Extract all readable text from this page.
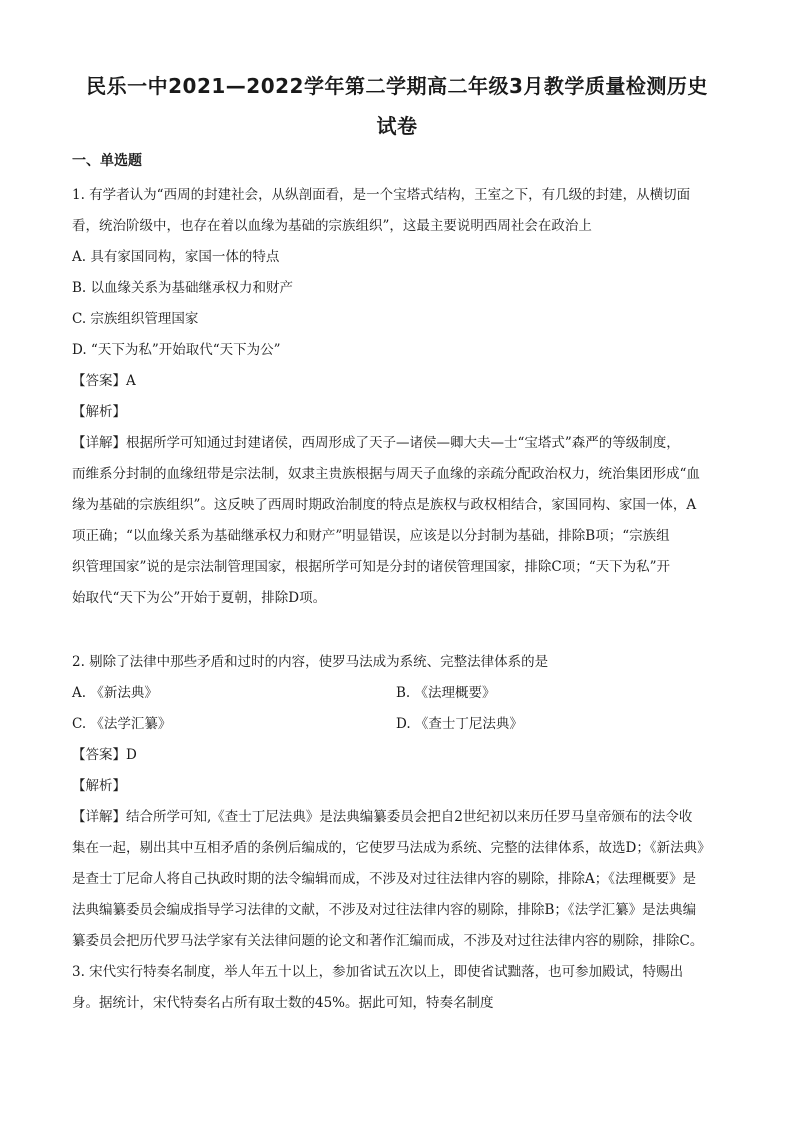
民乐一中2021—2022学年第二学期高二年级3月教学质量检测历史
试卷
一、单选题
1. 有学者认为“西周的封建社会，从纵剖面看，是一个宝塔式结构，王室之下，有几级的封建，从横切面
看，统治阶级中，也存在着以血缘为基础的宗族组织”，这最主要说明西周社会在政治上
A. 具有家国同构，家国一体的特点
B. 以血缘关系为基础继承权力和财产
C. 宗族组织管理国家
D. “天下为私”开始取代“天下为公”
【答案】A
【解析】
【详解】根据所学可知通过封建诸侯，西周形成了天子—诸侯—卿大夫—士“宝塔式”森严的等级制度，
而维系分封制的血缘纽带是宗法制，奴隶主贵族根据与周天子血缘的亲疏分配政治权力，统治集团形成“血
缘为基础的宗族组织”。这反映了西周时期政治制度的特点是族权与政权相结合，家国同构、家国一体，A
项正确；“以血缘关系为基础继承权力和财产”明显错误，应该是以分封制为基础，排除B项；“宗族组
织管理国家”说的是宗法制管理国家，根据所学可知是分封的诸侯管理国家，排除C项；“天下为私”开
始取代“天下为公”开始于夏朝，排除D项。
2. 剔除了法律中那些矛盾和过时的内容，使罗马法成为系统、完整法律体系的是
A. 《新法典》	B. 《法理概要》
C. 《法学汇纂》	D. 《查士丁尼法典》
【答案】D
【解析】
【详解】结合所学可知,《查士丁尼法典》是法典编纂委员会把自2世纪初以来历任罗马皇帝颁布的法令收
集在一起，剔出其中互相矛盾的条例后编成的，它使罗马法成为系统、完整的法律体系，故选D；《新法典》
是查士丁尼命人将自己执政时期的法令编辑而成，不涉及对过往法律内容的剔除，排除A；《法理概要》是
法典编纂委员会编成指导学习法律的文献，不涉及对过往法律内容的剔除，排除B；《法学汇纂》是法典编
纂委员会把历代罗马法学家有关法律问题的论文和著作汇编而成，不涉及对过往法律内容的剔除，排除C。
3. 宋代实行特奏名制度，举人年五十以上，参加省试五次以上，即使省试黜落，也可参加殿试，特赐出
身。据统计，宋代特奏名占所有取士数的45%。据此可知，特奏名制度
